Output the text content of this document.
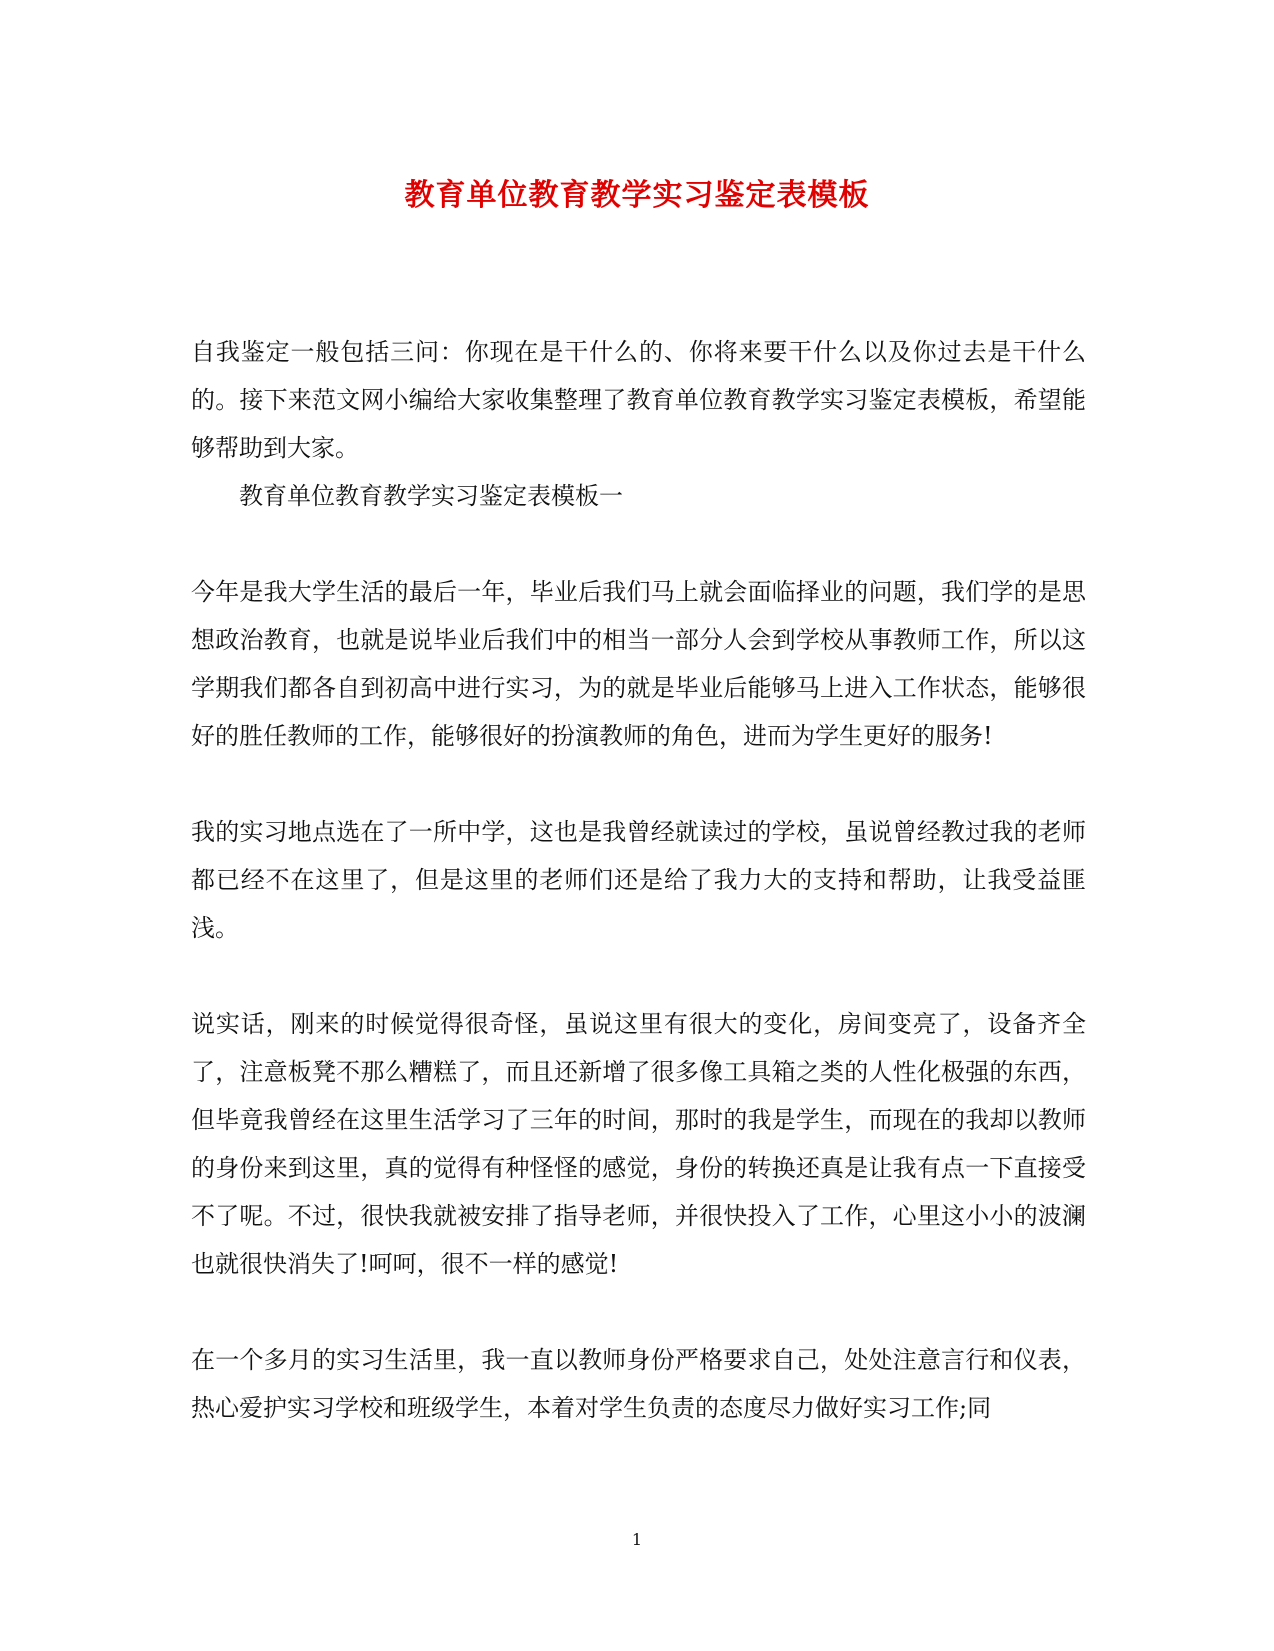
教育单位教育教学实习鉴定表模板

自我鉴定一般包括三问：你现在是干什么的、你将来要干什么以及你过去是干什么的。接下来范文网小编给大家收集整理了教育单位教育教学实习鉴定表模板，希望能够帮助到大家。

教育单位教育教学实习鉴定表模板一

今年是我大学生活的最后一年，毕业后我们马上就会面临择业的问题，我们学的是思想政治教育，也就是说毕业后我们中的相当一部分人会到学校从事教师工作，所以这学期我们都各自到初高中进行实习，为的就是毕业后能够马上进入工作状态，能够很好的胜任教师的工作，能够很好的扮演教师的角色，进而为学生更好的服务!

我的实习地点选在了一所中学，这也是我曾经就读过的学校，虽说曾经教过我的老师都已经不在这里了，但是这里的老师们还是给了我力大的支持和帮助，让我受益匪浅。

说实话，刚来的时候觉得很奇怪，虽说这里有很大的变化，房间变亮了，设备齐全了，注意板凳不那么糟糕了，而且还新增了很多像工具箱之类的人性化极强的东西，但毕竟我曾经在这里生活学习了三年的时间，那时的我是学生，而现在的我却以教师的身份来到这里，真的觉得有种怪怪的感觉，身份的转换还真是让我有点一下直接受不了呢。不过，很快我就被安排了指导老师，并很快投入了工作，心里这小小的波澜也就很快消失了!呵呵，很不一样的感觉!

在一个多月的实习生活里，我一直以教师身份严格要求自己，处处注意言行和仪表，热心爱护实习学校和班级学生，本着对学生负责的态度尽力做好实习工作;同

1
